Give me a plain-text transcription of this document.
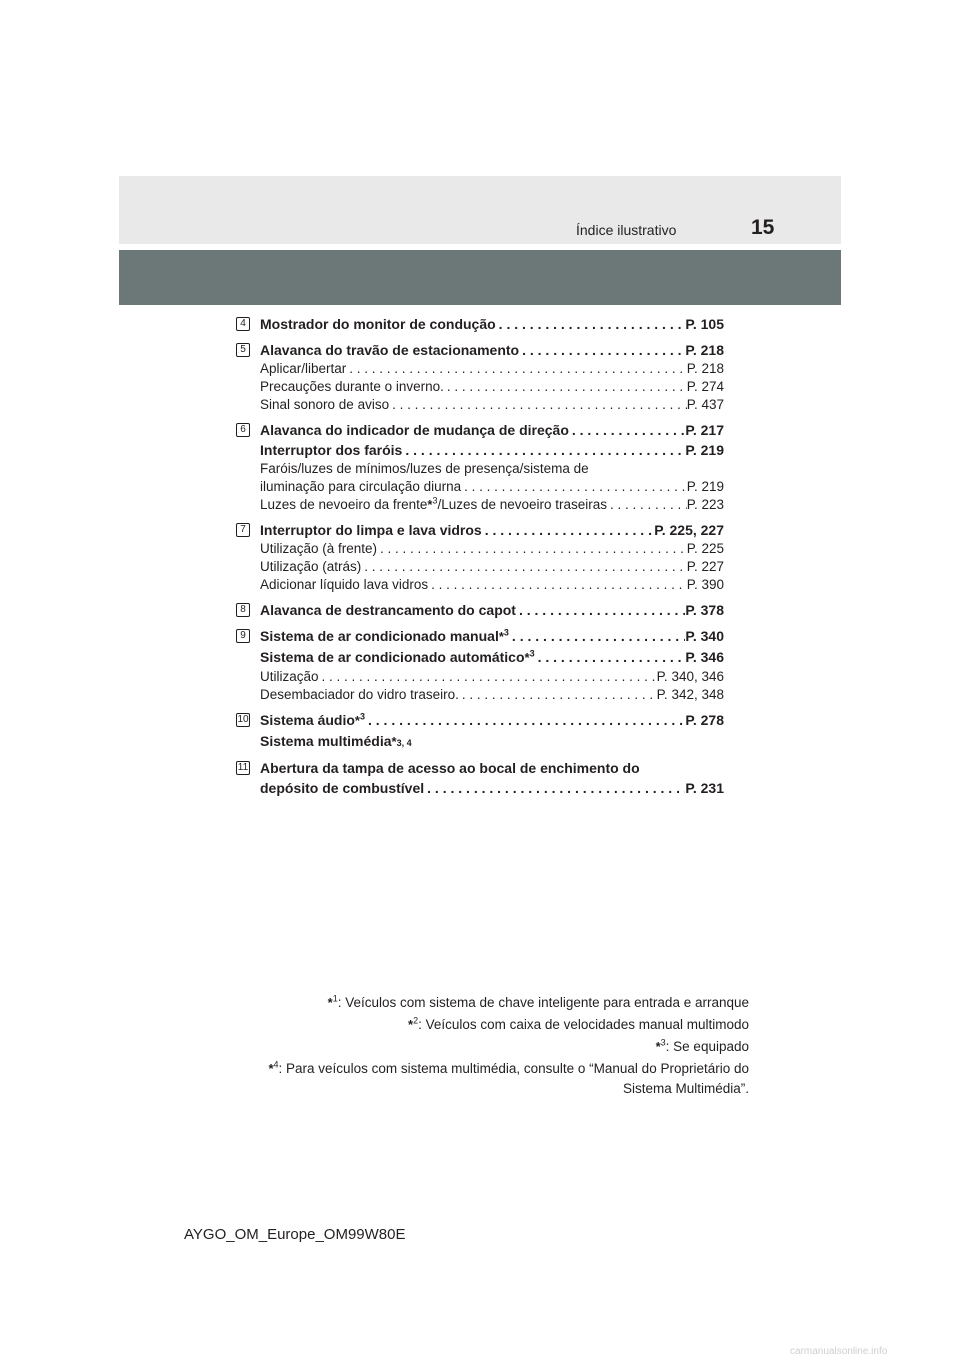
Índice ilustrativo	15
4	Mostrador do monitor de condução . . .	P. 105
5	Alavanca do travão de estacionamento . . .	P. 218
Aplicar/libertar . . .	P. 218
Precauções durante o inverno. . . .	P. 274
Sinal sonoro de aviso . . .	P. 437
6	Alavanca do indicador de mudança de direção . . .	P. 217
Interruptor dos faróis . . .	P. 219
Faróis/luzes de mínimos/luzes de presença/sistema de
iluminação para circulação diurna . . .	P. 219
Luzes de nevoeiro da frente*$^3$/Luzes de nevoeiro traseiras . . .	P. 223
7	Interruptor do limpa e lava vidros . . .	P. 225, 227
Utilização (à frente) . . .	P. 225
Utilização (atrás) . . .	P. 227
Adicionar líquido lava vidros . . .	P. 390
8	Alavanca de destrancamento do capot . . .	P. 378
9	Sistema de ar condicionado manual*$^3$ . . .	P. 340
Sistema de ar condicionado automático*$^3$ . . .	P. 346
Utilização . . .	P. 340, 346
Desembaciador do vidro traseiro. . . .	P. 342, 348
10 Sistema áudio*$^3$ . . .	P. 278
Sistema multimédia * 3, 4
11 Abertura da tampa de acesso ao bocal de enchimento do
depósito de combustível . . .	P. 231
*$^1$: Veículos com sistema de chave inteligente para entrada e arranque
*$^2$: Veículos com caixa de velocidades manual multimodo
*$^3$: Se equipado
*$^4$: Para veículos com sistema multimédia, consulte o “Manual do Proprietário do
Sistema Multimédia”.
AYGO_OM_Europe_OM99W80E
carmanualsonline.info
